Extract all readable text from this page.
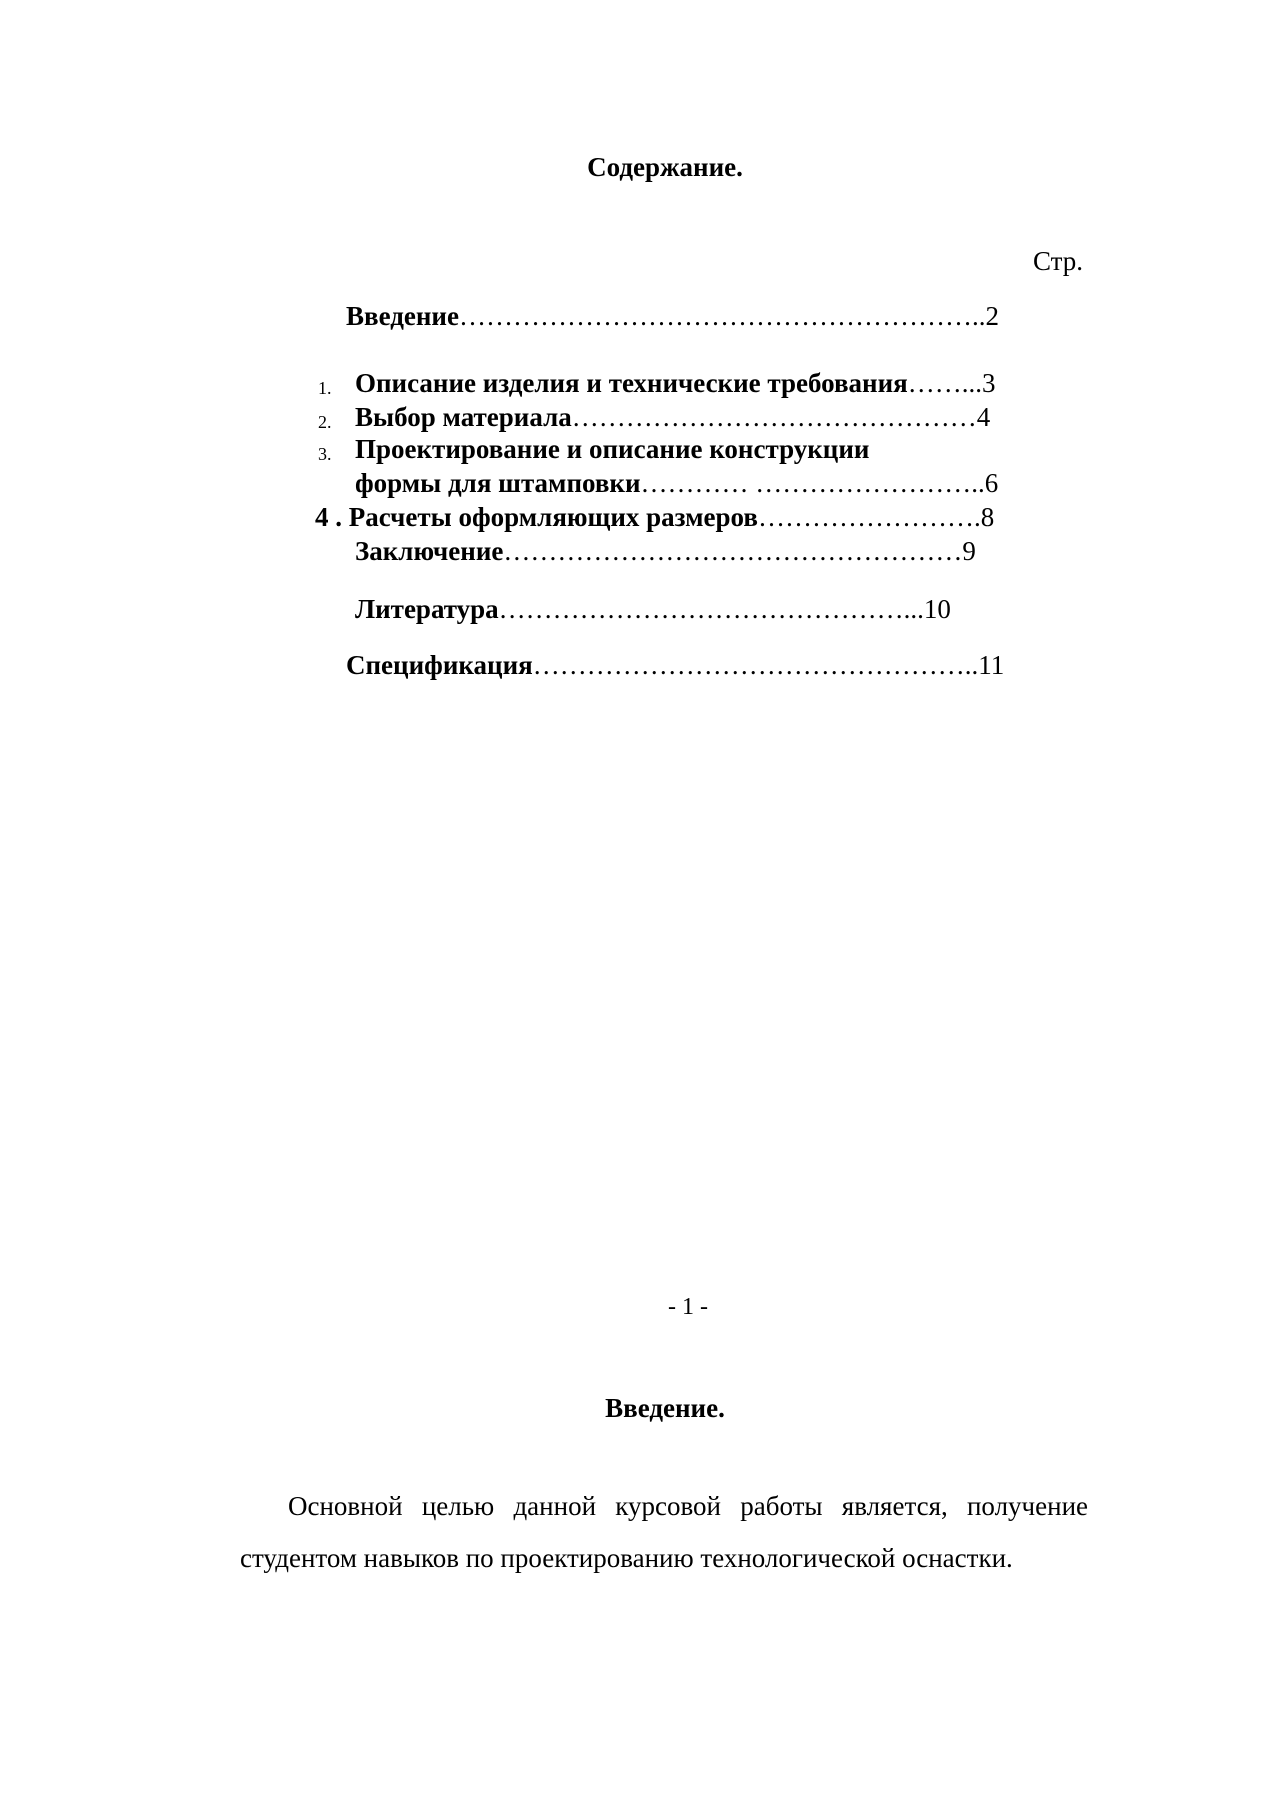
Содержание.
Стр.
Введение…………………………………………………..2
1. Описание изделия и технические требования……...3
2. Выбор материала………………………………………4
3. Проектирование и описание конструкции
формы для штамповки………… ……………………..6
4 . Расчеты оформляющих размеров…………………….8
Заключение……………………………………………9
Литература………………………………………...10
Спецификация…………………………………………..11
- 1 -
Введение.

Основной целью данной курсовой работы является, получение студентом навыков по проектированию технологической оснастки.
